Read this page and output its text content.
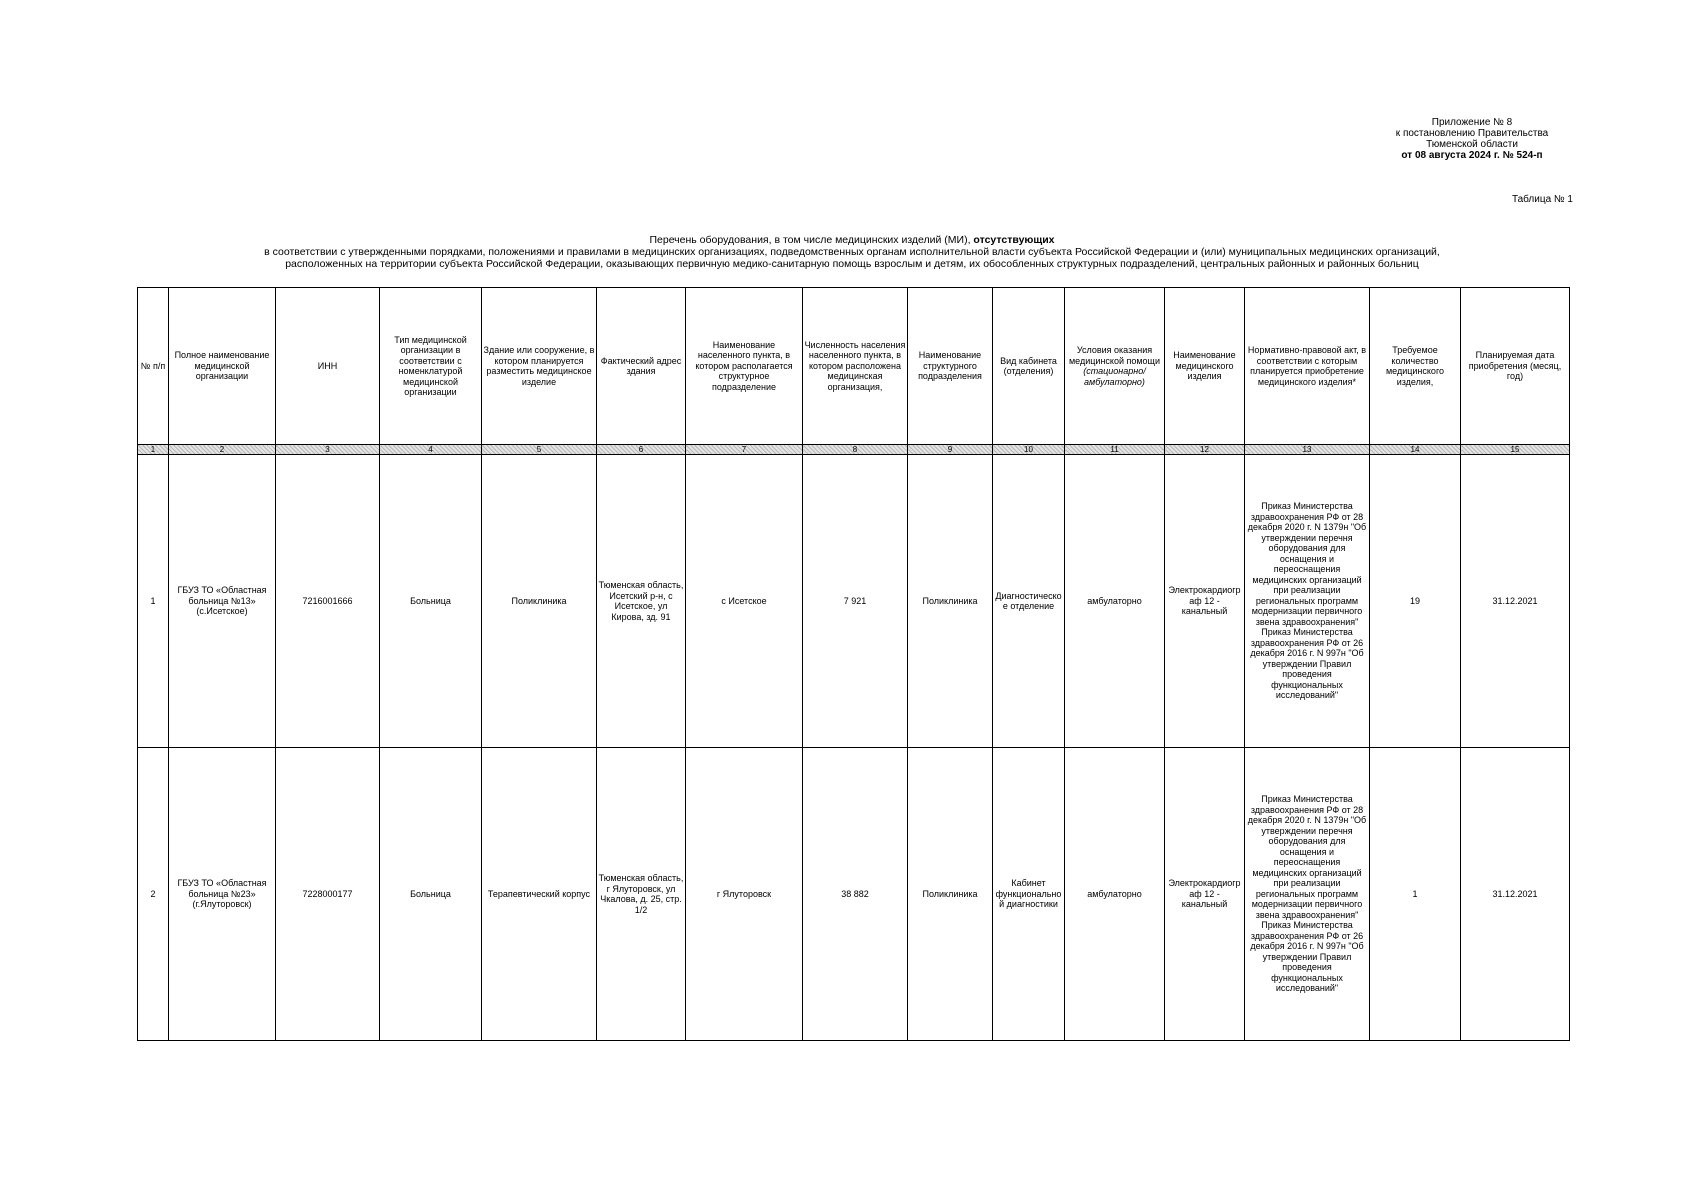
Приложение № 8
к постановлению Правительства
Тюменской области
от 08 августа 2024 г. № 524-п
Таблица № 1
Перечень оборудования, в том числе медицинских изделий (МИ), отсутствующих
в соответствии с утвержденными порядками, положениями и правилами в медицинских организациях, подведомственных органам исполнительной власти субъекта Российской Федерации и (или) муниципальных медицинских организаций,
расположенных на территории субъекта Российской Федерации, оказывающих первичную медико-санитарную помощь взрослым и детям, их обособленных структурных подразделений, центральных районных и районных больниц
№ п/п	Полное наименование медицинской организации	ИНН	Тип медицинской организации в соответствии с номенклатурой медицинской организации	Здание или сооружение, в котором планируется разместить медицинское изделие	Фактический адрес здания	Наименование населенного пункта, в котором располагается структурное подразделение	Численность населения населенного пункта, в котором расположена медицинская организация,	Наименование структурного подразделения	Вид кабинета (отделения)	Условия оказания медицинской помощи
(стационарно/амбулаторно)	Наименование медицинского изделия	Нормативно-правовой акт, в соответствии с которым планируется приобретение медицинского изделия*	Требуемое количество медицинского изделия,	Планируемая дата приобретения (месяц, год)
1	2	3	4	5	6	7	8	9	10	11	12	13	14	15
1	ГБУЗ ТО «Областная больница №13» (с.Исетское)	7216001666	Больница	Поликлиника	Тюменская область, Исетский р-н, с Исетское, ул Кирова, зд. 91	с Исетское	7 921	Поликлиника	Диагностическое отделение	амбулаторно	Электрокардиограф 12 - канальный	Приказ Министерства здравоохранения РФ от 28 декабря 2020 г. N 1379н "Об утверждении перечня оборудования для оснащения и переоснащения медицинских организаций при реализации региональных программ модернизации первичного звена здравоохранения" Приказ Министерства здравоохранения РФ от 26 декабря 2016 г. N 997н "Об утверждении Правил проведения функциональных исследований"	19	31.12.2021
2	ГБУЗ ТО «Областная больница №23» (г.Ялуторовск)	7228000177	Больница	Терапевтический корпус	Тюменская область, г Ялуторовск, ул Чкалова, д. 25, стр. 1/2	г Ялуторовск	38 882	Поликлиника	Кабинет функциональной диагностики	амбулаторно	Электрокардиограф 12 - канальный	Приказ Министерства здравоохранения РФ от 28 декабря 2020 г. N 1379н "Об утверждении перечня оборудования для оснащения и переоснащения медицинских организаций при реализации региональных программ модернизации первичного звена здравоохранения" Приказ Министерства здравоохранения РФ от 26 декабря 2016 г. N 997н "Об утверждении Правил проведения функциональных исследований"	1	31.12.2021
